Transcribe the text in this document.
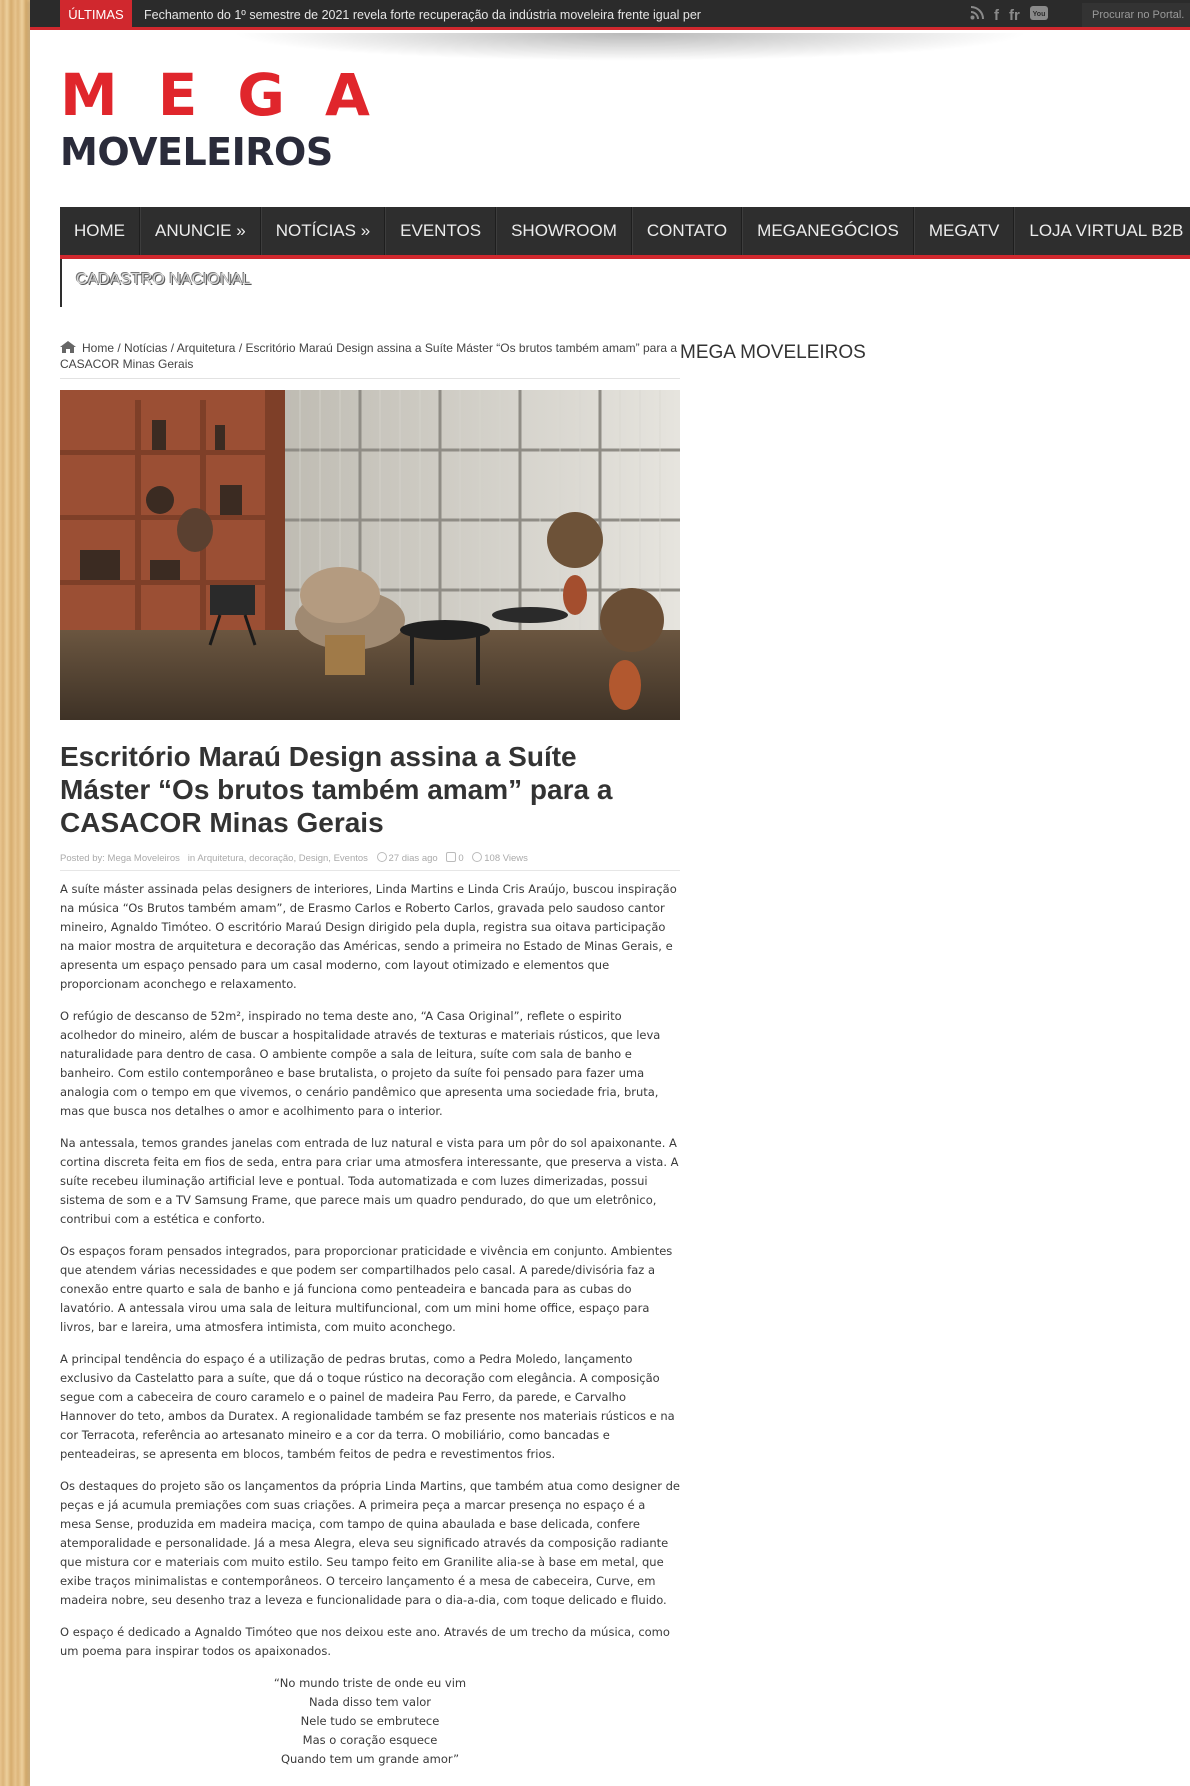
ÚLTIMAS	Fechamento do 1º semestre de 2021 revela forte recuperação da indústria moveleira frente igual per	f fr You	Procurar no Portal.
MEGA
MOVELEIROS
HOME	ANUNCIE »	NOTÍCIAS »	EVENTOS	SHOWROOM	CONTATO	MEGANEGÓCIOS	MEGATV	LOJA VIRTUAL B2B
CADASTRO NACIONAL
Home / Notícias / Arquitetura / Escritório Maraú Design assina a Suíte Máster “Os brutos também amam” para a CASACOR Minas Gerais
MEGA MOVELEIROS
Escritório Maraú Design assina a Suíte Máster “Os brutos também amam” para a CASACOR Minas Gerais
Posted by: Mega Moveleiros in Arquitetura, decoração, Design, Eventos 27 dias ago 0 108 Views

A suíte máster assinada pelas designers de interiores, Linda Martins e Linda Cris Araújo, buscou inspiração na música “Os Brutos também amam”, de Erasmo Carlos e Roberto Carlos, gravada pelo saudoso cantor mineiro, Agnaldo Timóteo. O escritório Maraú Design dirigido pela dupla, registra sua oitava participação na maior mostra de arquitetura e decoração das Américas, sendo a primeira no Estado de Minas Gerais, e apresenta um espaço pensado para um casal moderno, com layout otimizado e elementos que proporcionam aconchego e relaxamento.

O refúgio de descanso de 52m², inspirado no tema deste ano, “A Casa Original”, reflete o espirito acolhedor do mineiro, além de buscar a hospitalidade através de texturas e materiais rústicos, que leva naturalidade para dentro de casa. O ambiente compõe a sala de leitura, suíte com sala de banho e banheiro. Com estilo contemporâneo e base brutalista, o projeto da suíte foi pensado para fazer uma analogia com o tempo em que vivemos, o cenário pandêmico que apresenta uma sociedade fria, bruta, mas que busca nos detalhes o amor e acolhimento para o interior.

Na antessala, temos grandes janelas com entrada de luz natural e vista para um pôr do sol apaixonante. A cortina discreta feita em fios de seda, entra para criar uma atmosfera interessante, que preserva a vista. A suíte recebeu iluminação artificial leve e pontual. Toda automatizada e com luzes dimerizadas, possui sistema de som e a TV Samsung Frame, que parece mais um quadro pendurado, do que um eletrônico, contribui com a estética e conforto.

Os espaços foram pensados integrados, para proporcionar praticidade e vivência em conjunto. Ambientes que atendem várias necessidades e que podem ser compartilhados pelo casal. A parede/divisória faz a conexão entre quarto e sala de banho e já funciona como penteadeira e bancada para as cubas do lavatório. A antessala virou uma sala de leitura multifuncional, com um mini home office, espaço para livros, bar e lareira, uma atmosfera intimista, com muito aconchego.

A principal tendência do espaço é a utilização de pedras brutas, como a Pedra Moledo, lançamento exclusivo da Castelatto para a suíte, que dá o toque rústico na decoração com elegância. A composição segue com a cabeceira de couro caramelo e o painel de madeira Pau Ferro, da parede, e Carvalho Hannover do teto, ambos da Duratex. A regionalidade também se faz presente nos materiais rústicos e na cor Terracota, referência ao artesanato mineiro e a cor da terra. O mobiliário, como bancadas e penteadeiras, se apresenta em blocos, também feitos de pedra e revestimentos frios.

Os destaques do projeto são os lançamentos da própria Linda Martins, que também atua como designer de peças e já acumula premiações com suas criações. A primeira peça a marcar presença no espaço é a mesa Sense, produzida em madeira maciça, com tampo de quina abaulada e base delicada, confere atemporalidade e personalidade. Já a mesa Alegra, eleva seu significado através da composição radiante que mistura cor e materiais com muito estilo. Seu tampo feito em Granilite alia-se à base em metal, que exibe traços minimalistas e contemporâneos. O terceiro lançamento é a mesa de cabeceira, Curve, em madeira nobre, seu desenho traz a leveza e funcionalidade para o dia-a-dia, com toque delicado e fluido.

O espaço é dedicado a Agnaldo Timóteo que nos deixou este ano. Através de um trecho da música, como um poema para inspirar todos os apaixonados.

“No mundo triste de onde eu vim
Nada disso tem valor
Nele tudo se embrutece
Mas o coração esquece
Quando tem um grande amor”
